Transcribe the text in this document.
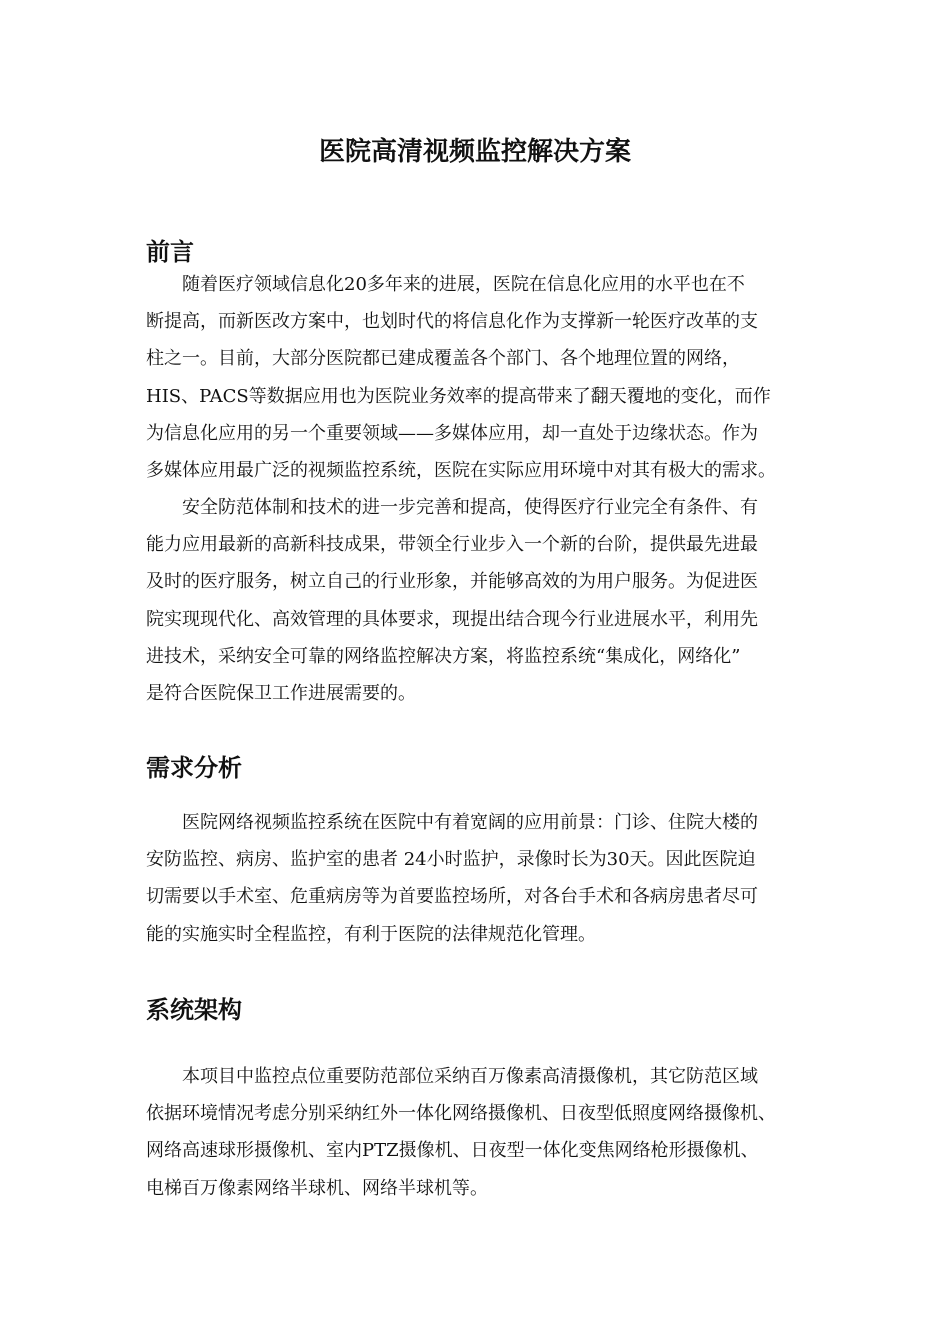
医院高清视频监控解决方案
前言
　　随着医疗领域信息化20多年来的进展，医院在信息化应用的水平也在不
断提高，而新医改方案中，也划时代的将信息化作为支撑新一轮医疗改革的支
柱之一。目前，大部分医院都已建成覆盖各个部门、各个地理位置的网络，
HIS、PACS等数据应用也为医院业务效率的提高带来了翻天覆地的变化，而作
为信息化应用的另一个重要领域——多媒体应用，却一直处于边缘状态。作为
多媒体应用最广泛的视频监控系统，医院在实际应用环境中对其有极大的需求。
　　安全防范体制和技术的进一步完善和提高，使得医疗行业完全有条件、有
能力应用最新的高新科技成果，带领全行业步入一个新的台阶，提供最先进最
及时的医疗服务，树立自己的行业形象，并能够高效的为用户服务。为促进医
院实现现代化、高效管理的具体要求，现提出结合现今行业进展水平，利用先
进技术，采纳安全可靠的网络监控解决方案，将监控系统“集成化，网络化”
是符合医院保卫工作进展需要的。
需求分析
　　医院网络视频监控系统在医院中有着宽阔的应用前景：门诊、住院大楼的
安防监控、病房、监护室的患者 24小时监护，录像时长为30天。因此医院迫
切需要以手术室、危重病房等为首要监控场所，对各台手术和各病房患者尽可
能的实施实时全程监控，有利于医院的法律规范化管理。
系统架构
　　本项目中监控点位重要防范部位采纳百万像素高清摄像机，其它防范区域
依据环境情况考虑分别采纳红外一体化网络摄像机、日夜型低照度网络摄像机、
网络高速球形摄像机、室内PTZ摄像机、日夜型一体化变焦网络枪形摄像机、
电梯百万像素网络半球机、网络半球机等。
